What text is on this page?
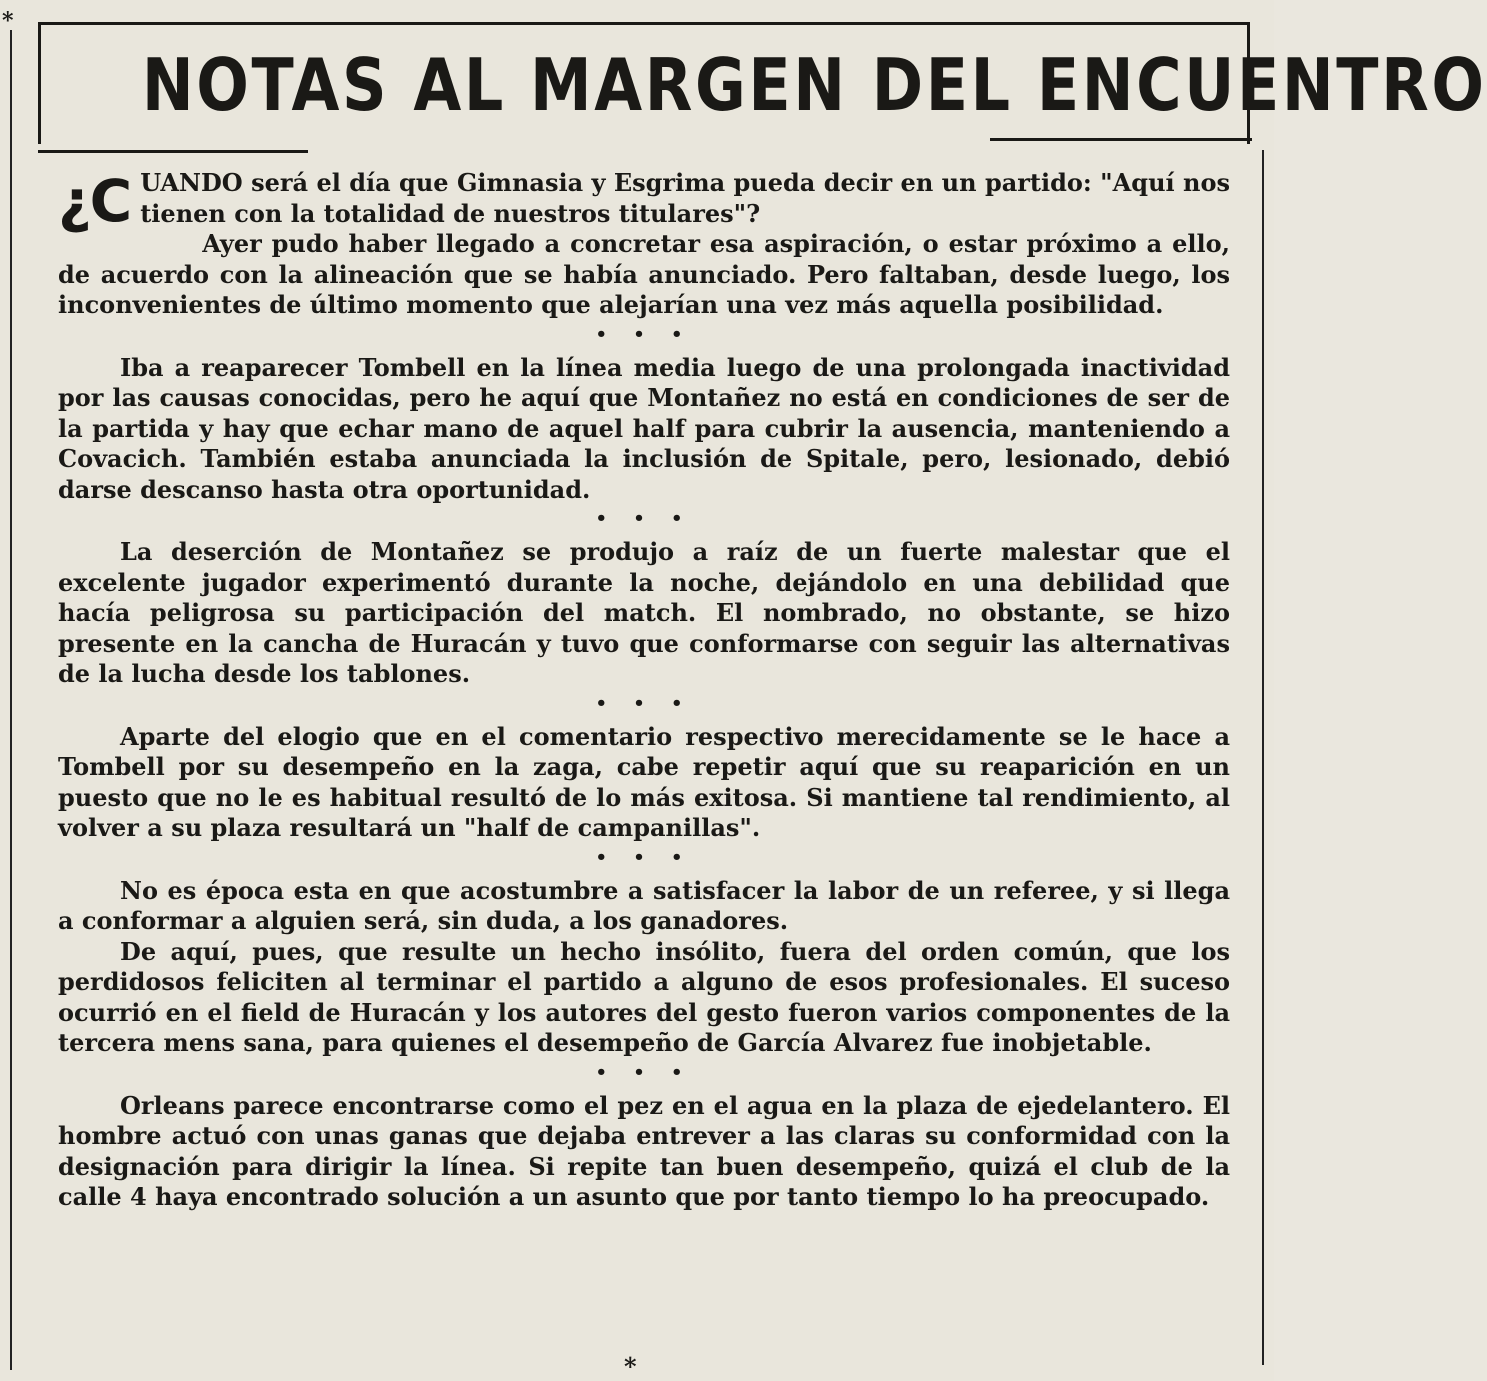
*
NOTAS AL MARGEN DEL ENCUENTRO

¿C UANDO será el día que Gimnasia y Esgrima pueda decir en un partido: "Aquí nos tienen con la totalidad de nuestros titulares"?

Ayer pudo haber llegado a concretar esa aspiración, o estar próximo a ello, de acuerdo con la alineación que se había anunciado. Pero faltaban, desde luego, los inconvenientes de último momento que alejarían una vez más aquella posibilidad.

• • •

Iba a reaparecer Tombell en la línea media luego de una prolongada inactividad por las causas conocidas, pero he aquí que Montañez no está en condiciones de ser de la partida y hay que echar mano de aquel half para cubrir la ausencia, manteniendo a Covacich. También estaba anunciada la inclusión de Spitale, pero, lesionado, debió darse descanso hasta otra oportunidad.

• • •

La deserción de Montañez se produjo a raíz de un fuerte malestar que el excelente jugador experimentó durante la noche, dejándolo en una debilidad que hacía peligrosa su participación del match. El nombrado, no obstante, se hizo presente en la cancha de Huracán y tuvo que conformarse con seguir las alternativas de la lucha desde los tablones.

• • •

Aparte del elogio que en el comentario respectivo merecidamente se le hace a Tombell por su desempeño en la zaga, cabe repetir aquí que su reaparición en un puesto que no le es habitual resultó de lo más exitosa. Si mantiene tal rendimiento, al volver a su plaza resultará un "half de campanillas".

• • •

No es época esta en que acostumbre a satisfacer la labor de un referee, y si llega a conformar a alguien será, sin duda, a los ganadores.

De aquí, pues, que resulte un hecho insólito, fuera del orden común, que los perdidosos feliciten al terminar el partido a alguno de esos profesionales. El suceso ocurrió en el field de Huracán y los autores del gesto fueron varios componentes de la tercera mens sana, para quienes el desempeño de García Alvarez fue inobjetable.

• • •

Orleans parece encontrarse como el pez en el agua en la plaza de ejedelantero. El hombre actuó con unas ganas que dejaba entrever a las claras su conformidad con la designación para dirigir la línea. Si repite tan buen desempeño, quizá el club de la calle 4 haya encontrado solución a un asunto que por tanto tiempo lo ha preocupado.

*
